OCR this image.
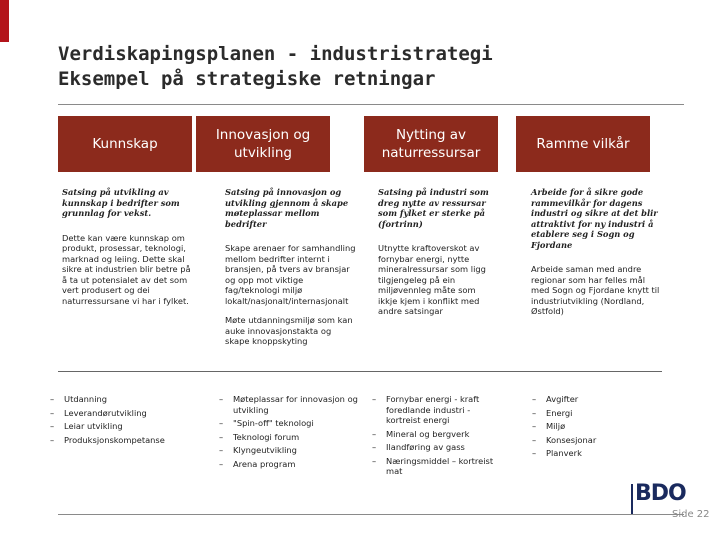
Verdiskapingsplanen - industristrategi
Eksempel på strategiske retningar
Kunnskap
Innovasjon og utvikling
Nytting av naturressursar
Ramme vilkår
Satsing på utvikling av kunnskap i bedrifter som grunnlag for vekst.

Dette kan være kunnskap om produkt, prosessar, teknologi, marknad og leiing. Dette skal sikre at industrien blir betre på å ta ut potensialet av det som vert produsert og dei naturressursane vi har i fylket.

Satsing på innovasjon og utvikling gjennom å skape møteplassar mellom bedrifter

Skape arenaer for samhandling mellom bedrifter internt i bransjen, på tvers av bransjar og opp mot viktige fag/teknologi miljø lokalt/nasjonalt/internasjonalt

Møte utdanningsmiljø som kan auke innovasjonstakta og skape knoppskyting

Satsing på industri som dreg nytte av ressursar som fylket er sterke på (fortrinn)

Utnytte kraftoverskot av fornybar energi, nytte mineralressursar som ligg tilgjengeleg på ein miljøvennleg måte som ikkje kjem i konflikt med andre satsingar

Arbeide for å sikre gode rammevilkår for dagens industri og sikre at det blir attraktivt for ny industri å etablere seg i Sogn og Fjordane

Arbeide saman med andre regionar som har felles mål med Sogn og Fjordane knytt til industriutvikling (Nordland, Østfold)

– Utdanning
– Leverandørutvikling
– Leiar utvikling
– Produksjonskompetanse
– Møteplassar for innovasjon og utvikling
– "Spin-off" teknologi
– Teknologi forum
– Klyngeutvikling
– Arena program
– Fornybar energi - kraft foredlande industri - kortreist energi
– Mineral og bergverk
– Ilandføring av gass
– Næringsmiddel – kortreist mat
– Avgifter
– Energi
– Miljø
– Konsesjonar
– Planverk
BDO
Side 22
